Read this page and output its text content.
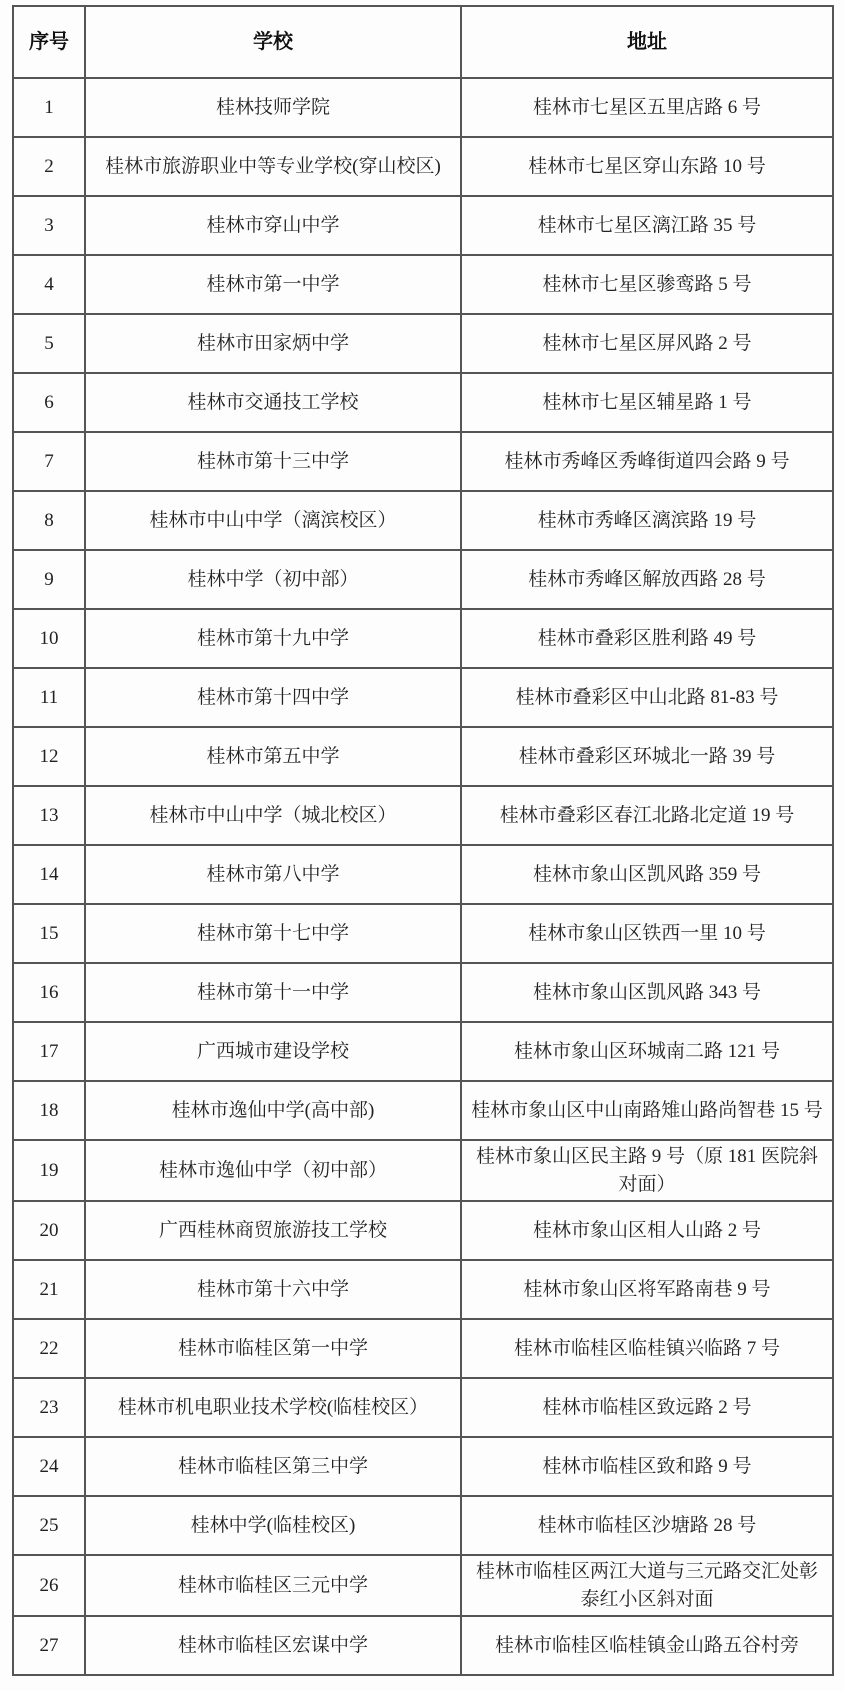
序号	学校	地址
1	桂林技师学院	桂林市七星区五里店路 6 号
2	桂林市旅游职业中等专业学校(穿山校区)	桂林市七星区穿山东路 10 号
3	桂林市穿山中学	桂林市七星区漓江路 35 号
4	桂林市第一中学	桂林市七星区骖鸾路 5 号
5	桂林市田家炳中学	桂林市七星区屏风路 2 号
6	桂林市交通技工学校	桂林市七星区辅星路 1 号
7	桂林市第十三中学	桂林市秀峰区秀峰街道四会路 9 号
8	桂林市中山中学（漓滨校区）	桂林市秀峰区漓滨路 19 号
9	桂林中学（初中部）	桂林市秀峰区解放西路 28 号
10	桂林市第十九中学	桂林市叠彩区胜利路 49 号
11	桂林市第十四中学	桂林市叠彩区中山北路 81-83 号
12	桂林市第五中学	桂林市叠彩区环城北一路 39 号
13	桂林市中山中学（城北校区）	桂林市叠彩区春江北路北定道 19 号
14	桂林市第八中学	桂林市象山区凯风路 359 号
15	桂林市第十七中学	桂林市象山区铁西一里 10 号
16	桂林市第十一中学	桂林市象山区凯风路 343 号
17	广西城市建设学校	桂林市象山区环城南二路 121 号
18	桂林市逸仙中学(高中部)	桂林市象山区中山南路雉山路尚智巷 15 号
19	桂林市逸仙中学（初中部）	桂林市象山区民主路 9 号（原 181 医院斜对面）
20	广西桂林商贸旅游技工学校	桂林市象山区相人山路 2 号
21	桂林市第十六中学	桂林市象山区将军路南巷 9 号
22	桂林市临桂区第一中学	桂林市临桂区临桂镇兴临路 7 号
23	桂林市机电职业技术学校(临桂校区）	桂林市临桂区致远路 2 号
24	桂林市临桂区第三中学	桂林市临桂区致和路 9 号
25	桂林中学(临桂校区)	桂林市临桂区沙塘路 28 号
26	桂林市临桂区三元中学	桂林市临桂区两江大道与三元路交汇处彰泰红小区斜对面
27	桂林市临桂区宏谋中学	桂林市临桂区临桂镇金山路五谷村旁
